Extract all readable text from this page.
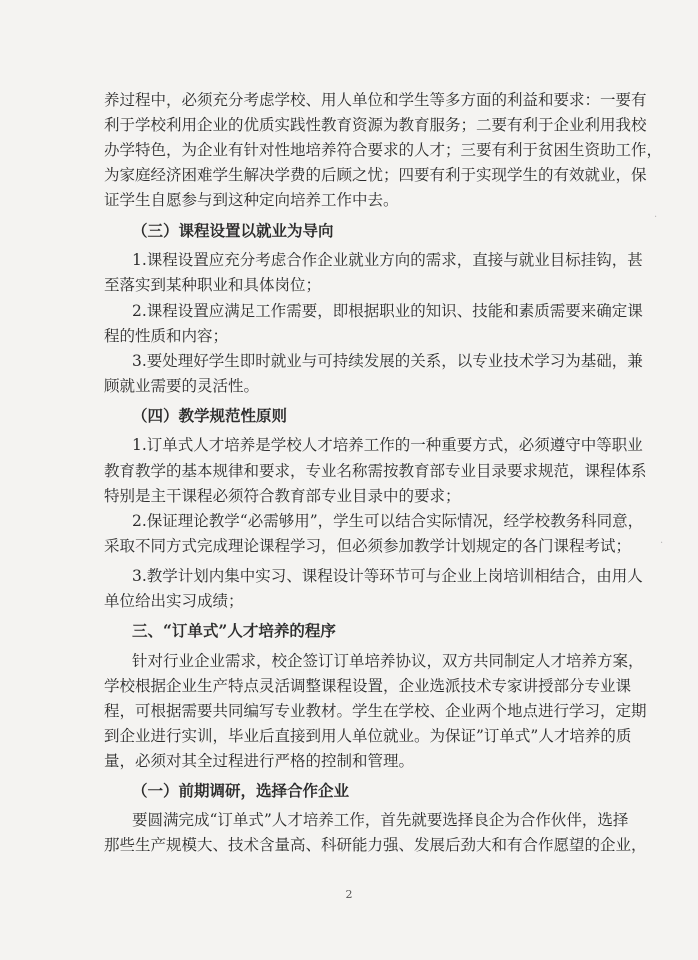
养过程中，必须充分考虑学校、用人单位和学生等多方面的利益和要求：一要有

利于学校利用企业的优质实践性教育资源为教育服务；二要有利于企业利用我校

办学特色，为企业有针对性地培养符合要求的人才；三要有利于贫困生资助工作，

为家庭经济困难学生解决学费的后顾之忧；四要有利于实现学生的有效就业，保

证学生自愿参与到这种定向培养工作中去。

（三）课程设置以就业为导向

1.课程设置应充分考虑合作企业就业方向的需求，直接与就业目标挂钩，甚

至落实到某种职业和具体岗位；

2.课程设置应满足工作需要，即根据职业的知识、技能和素质需要来确定课

程的性质和内容；

3.要处理好学生即时就业与可持续发展的关系，以专业技术学习为基础，兼

顾就业需要的灵活性。

（四）教学规范性原则

1.订单式人才培养是学校人才培养工作的一种重要方式，必须遵守中等职业

教育教学的基本规律和要求，专业名称需按教育部专业目录要求规范，课程体系

特别是主干课程必须符合教育部专业目录中的要求；

2.保证理论教学“必需够用”，学生可以结合实际情况，经学校教务科同意，

采取不同方式完成理论课程学习，但必须参加教学计划规定的各门课程考试；

3.教学计划内集中实习、课程设计等环节可与企业上岗培训相结合，由用人

单位给出实习成绩；

三、“订单式”人才培养的程序

针对行业企业需求，校企签订订单培养协议，双方共同制定人才培养方案，

学校根据企业生产特点灵活调整课程设置，企业选派技术专家讲授部分专业课

程，可根据需要共同编写专业教材。学生在学校、企业两个地点进行学习，定期

到企业进行实训，毕业后直接到用人单位就业。为保证”订单式”人才培养的质

量，必须对其全过程进行严格的控制和管理。

（一）前期调研，选择合作企业

要圆满完成“订单式”人才培养工作，首先就要选择良企为合作伙伴，选择

那些生产规模大、技术含量高、科研能力强、发展后劲大和有合作愿望的企业，

2
·
·
